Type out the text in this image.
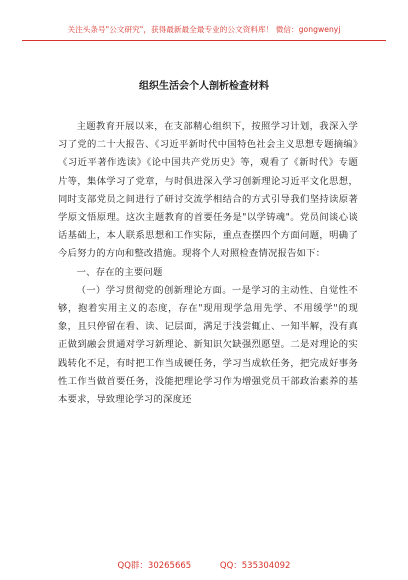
关注头条号"公文研究"，获得最新最全最专业的公文资料库！ 微信：gongwenyj
组织生活会个人剖析检查材料

主题教育开展以来，在支部精心组织下，按照学习计划，我深入学习了党的二十大报告、《习近平新时代中国特色社会主义思想专题摘编》《习近平著作选读》《论中国共产党历史》等，观看了《新时代》专题片等，集体学习了党章，与时俱进深入学习创新理论习近平文化思想，同时支部党员之间进行了研讨交流学相结合的方式引导我们坚持读原著学原文悟原理。这次主题教育的首要任务是"以学铸魂"。党员间谈心谈话基础上，本人联系思想和工作实际，重点查摆四个方面问题，明确了今后努力的方向和整改措施。现将个人对照检查情况报告如下：

一、存在的主要问题

（一）学习贯彻党的创新理论方面。一是学习的主动性、自觉性不够，抱着实用主义的态度，存在"现用现学急用先学、不用缓学"的现象，且只停留在看、读、记层面，满足于浅尝辄止、一知半解，没有真正做到融会贯通对学习新理论、新知识欠缺强烈愿望。二是对理论的实践转化不足，有时把工作当成硬任务，学习当成软任务，把完成好事务性工作当做首要任务，没能把理论学习作为增强党员干部政治素养的基本要求，导致理论学习的深度还

QQ群：30265665	QQ：535304092
